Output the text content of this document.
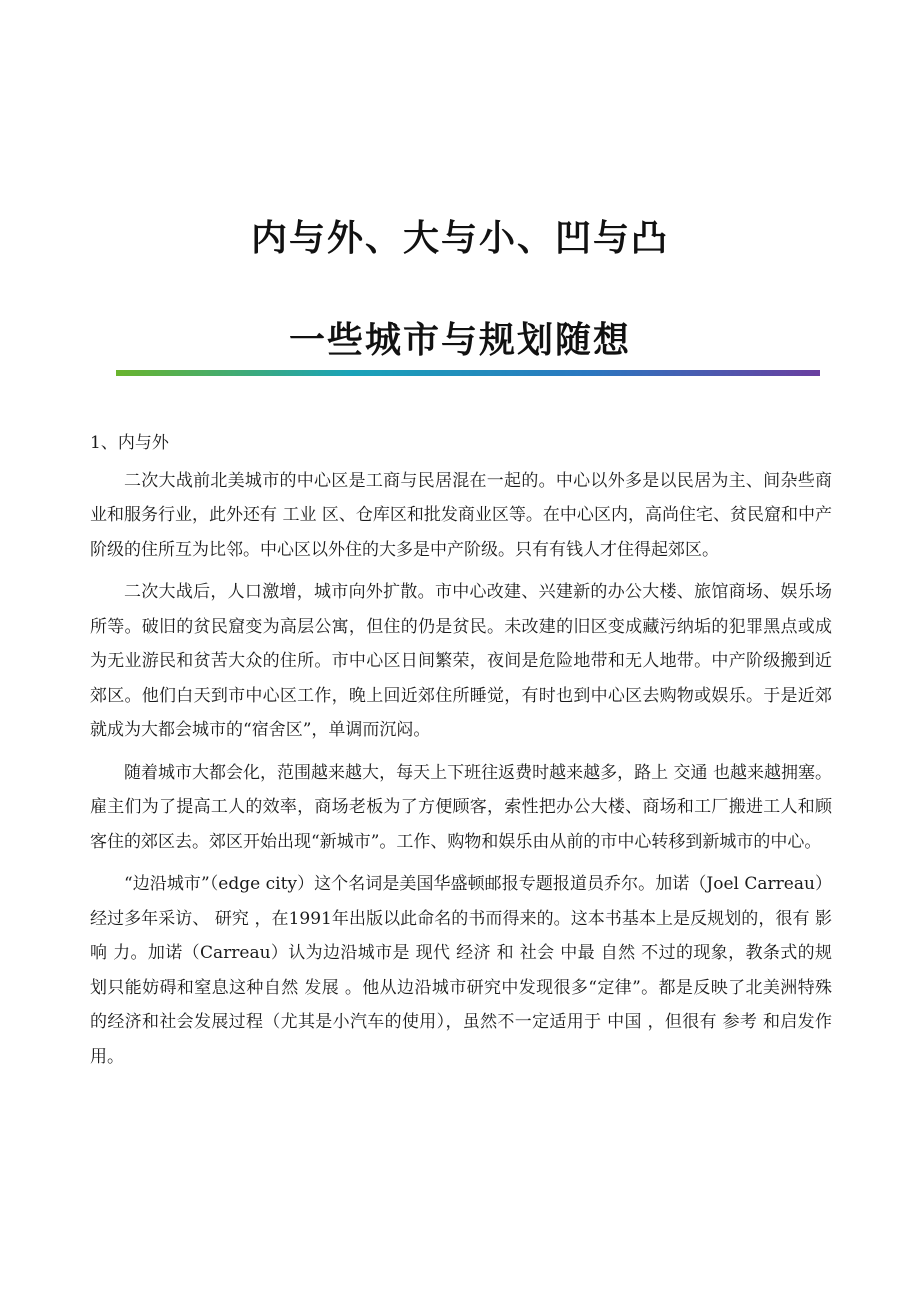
内与外、大与小、凹与凸
一些城市与规划随想

1、内与外

二次大战前北美城市的中心区是工商与民居混在一起的。中心以外多是以民居为主、间杂些商业和服务行业，此外还有 工业 区、仓库区和批发商业区等。在中心区内，高尚住宅、贫民窟和中产阶级的住所互为比邻。中心区以外住的大多是中产阶级。只有有钱人才住得起郊区。

二次大战后，人口激增，城市向外扩散。市中心改建、兴建新的办公大楼、旅馆商场、娱乐场所等。破旧的贫民窟变为高层公寓，但住的仍是贫民。未改建的旧区变成藏污纳垢的犯罪黑点或成为无业游民和贫苦大众的住所。市中心区日间繁荣，夜间是危险地带和无人地带。中产阶级搬到近郊区。他们白天到市中心区工作，晚上回近郊住所睡觉，有时也到中心区去购物或娱乐。于是近郊就成为大都会城市的“宿舍区”，单调而沉闷。

随着城市大都会化，范围越来越大，每天上下班往返费时越来越多，路上 交通 也越来越拥塞。雇主们为了提高工人的效率，商场老板为了方便顾客，索性把办公大楼、商场和工厂搬进工人和顾客住的郊区去。郊区开始出现“新城市”。工作、购物和娱乐由从前的市中心转移到新城市的中心。

“边沿城市”（edge city）这个名词是美国华盛顿邮报专题报道员乔尔。加诺（Joel Carreau）经过多年采访、 研究 ，在1991年出版以此命名的书而得来的。这本书基本上是反规划的，很有 影响 力。加诺（Carreau）认为边沿城市是 现代 经济 和 社会 中最 自然 不过的现象，教条式的规划只能妨碍和窒息这种自然 发展 。他从边沿城市研究中发现很多“定律”。都是反映了北美洲特殊的经济和社会发展过程（尤其是小汽车的使用），虽然不一定适用于 中国 ，但很有 参考 和启发作用。
